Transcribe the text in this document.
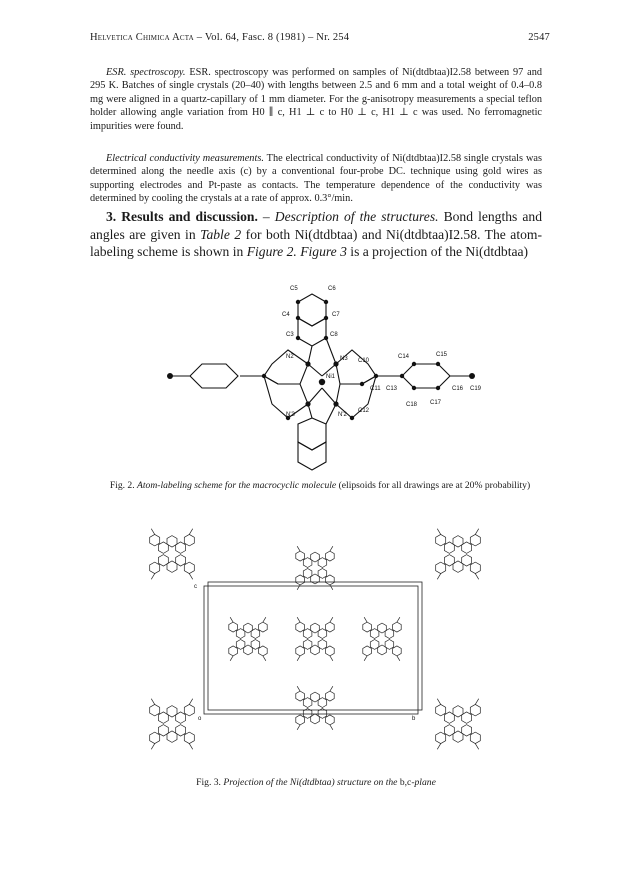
Helvetica Chimica Acta – Vol. 64, Fasc. 8 (1981) – Nr. 254	2547

ESR. spectroscopy. ESR. spectroscopy was performed on samples of Ni(dtdbtaa)I2.58 between 97 and 295 K. Batches of single crystals (20–40) with lengths between 2.5 and 6 mm and a total weight of 0.4–0.8 mg were aligned in a quartz-capillary of 1 mm diameter. For the g-anisotropy measurements a special teflon holder allowing angle variation from H0 ∥ c, H1 ⊥ c to H0 ⊥ c, H1 ⊥ c was used. No ferromagnetic impurities were found.

Electrical conductivity measurements. The electrical conductivity of Ni(dtdbtaa)I2.58 single crystals was determined along the needle axis (c) by a conventional four-probe DC. technique using gold wires as supporting electrodes and Pt-paste as contacts. The temperature dependence of the conductivity was determined by cooling the crystals at a rate of approx. 0.3°/min.

3. Results and discussion. – Description of the structures. Bond lengths and angles are given in Table 2 for both Ni(dtdbtaa) and Ni(dtdbtaa)I2.58. The atom-labeling scheme is shown in Figure 2. Figure 3 is a projection of the Ni(dtdbtaa)

C5	C6
C4	C7
C3	C8
N2	N3 C10
C14	C15
Ni1
C11 C13	C16 C19
N'3	N'2
C12
C18 C17
Fig. 2. Atom-labeling scheme for the macrocyclic molecule (elipsoids for all drawings are at 20% probability)
c
o	b
Fig. 3. Projection of the Ni(dtdbtaa) structure on the b,c-plane
